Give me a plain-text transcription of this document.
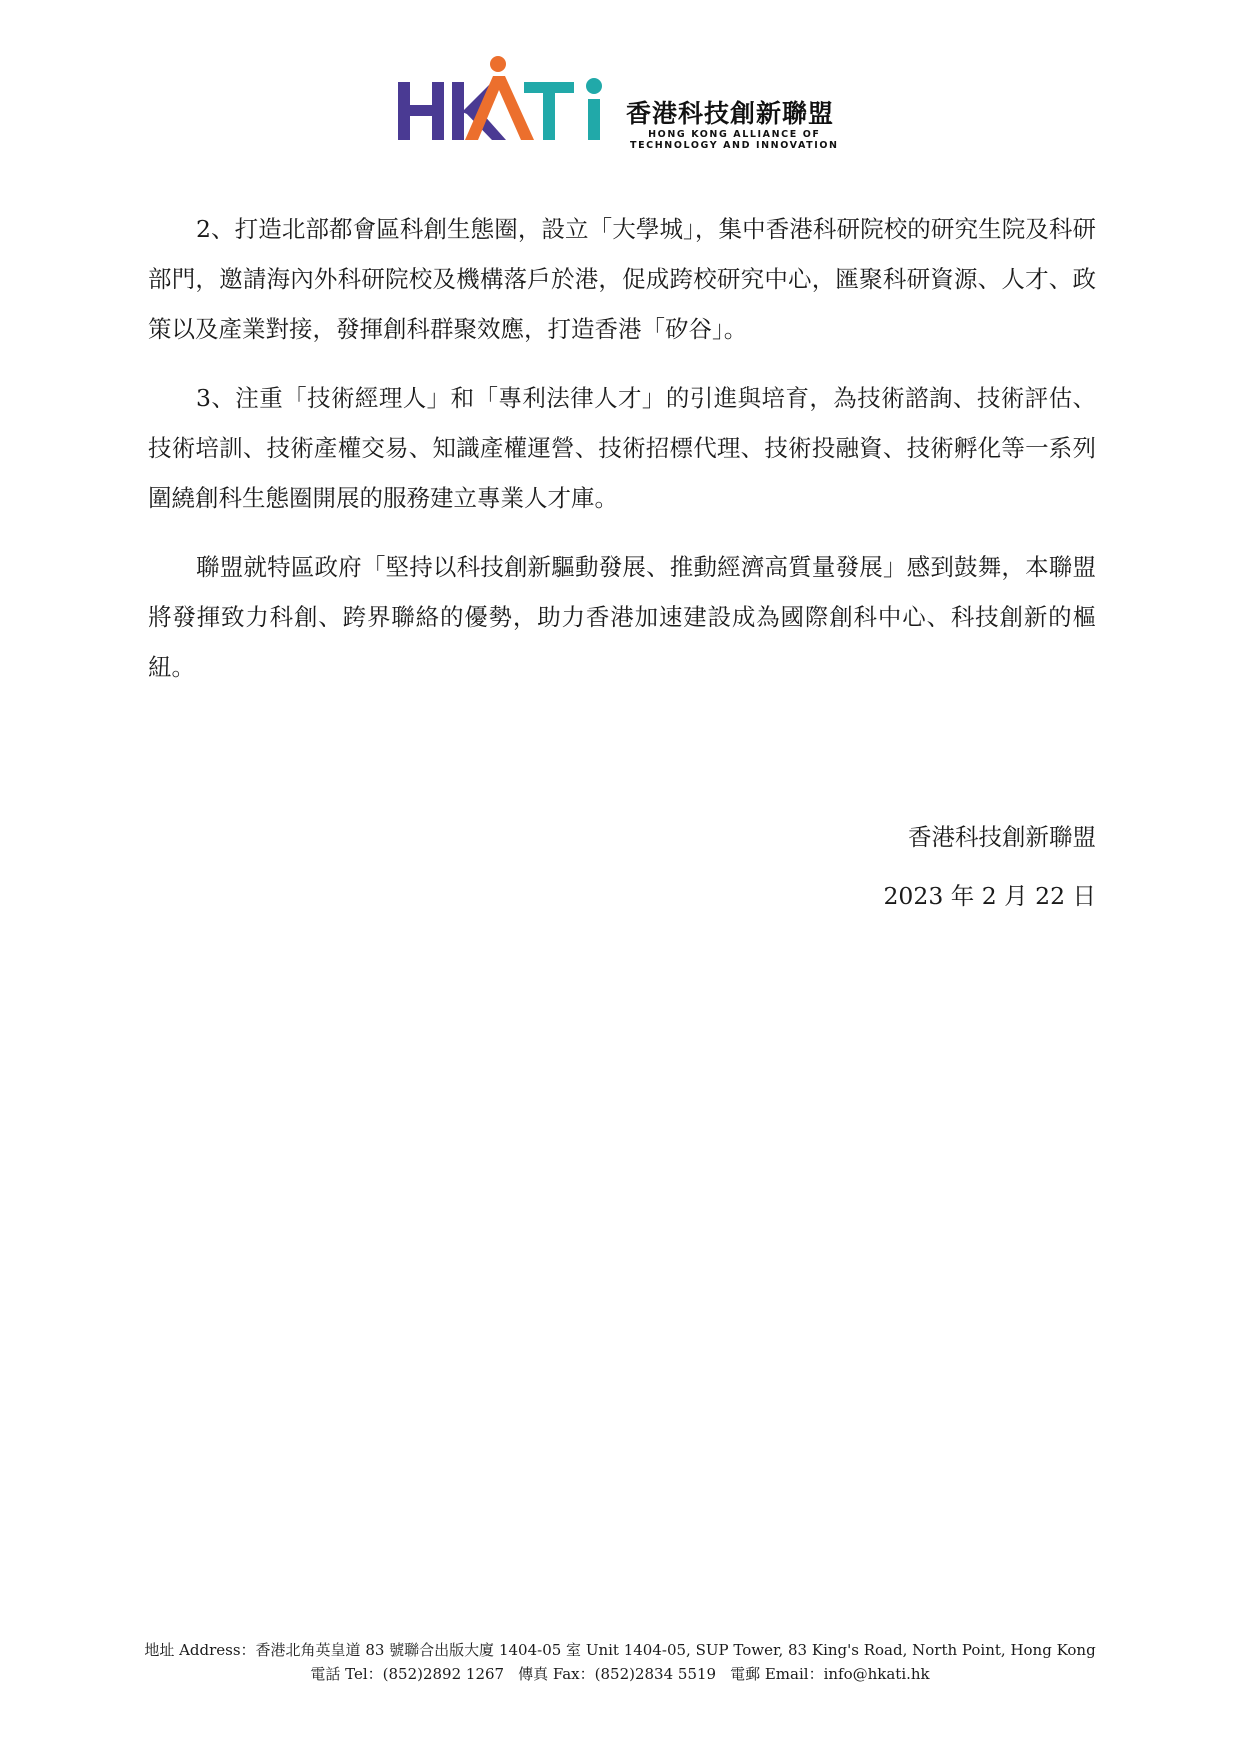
香港科技創新聯盟
HONG KONG ALLIANCE OF
TECHNOLOGY AND INNOVATION

2、打造北部都會區科創生態圈，設立「大學城」，集中香港科研院校的研究生院及科研部門，邀請海內外科研院校及機構落戶於港，促成跨校研究中心，匯聚科研資源、人才、政策以及產業對接，發揮創科群聚效應，打造香港「矽谷」。

3、注重「技術經理人」和「專利法律人才」的引進與培育，為技術諮詢、技術評估、技術培訓、技術產權交易、知識產權運營、技術招標代理、技術投融資、技術孵化等一系列圍繞創科生態圈開展的服務建立專業人才庫。

聯盟就特區政府「堅持以科技創新驅動發展、推動經濟高質量發展」感到鼓舞，本聯盟將發揮致力科創、跨界聯絡的優勢，助力香港加速建設成為國際創科中心、科技創新的樞紐。

香港科技創新聯盟
2023 年 2 月 22 日
地址 Address：香港北角英皇道 83 號聯合出版大廈 1404-05 室 Unit 1404-05, SUP Tower, 83 King's Road, North Point, Hong Kong
電話 Tel：(852)2892 1267 傳真 Fax：(852)2834 5519 電郵 Email：info@hkati.hk
